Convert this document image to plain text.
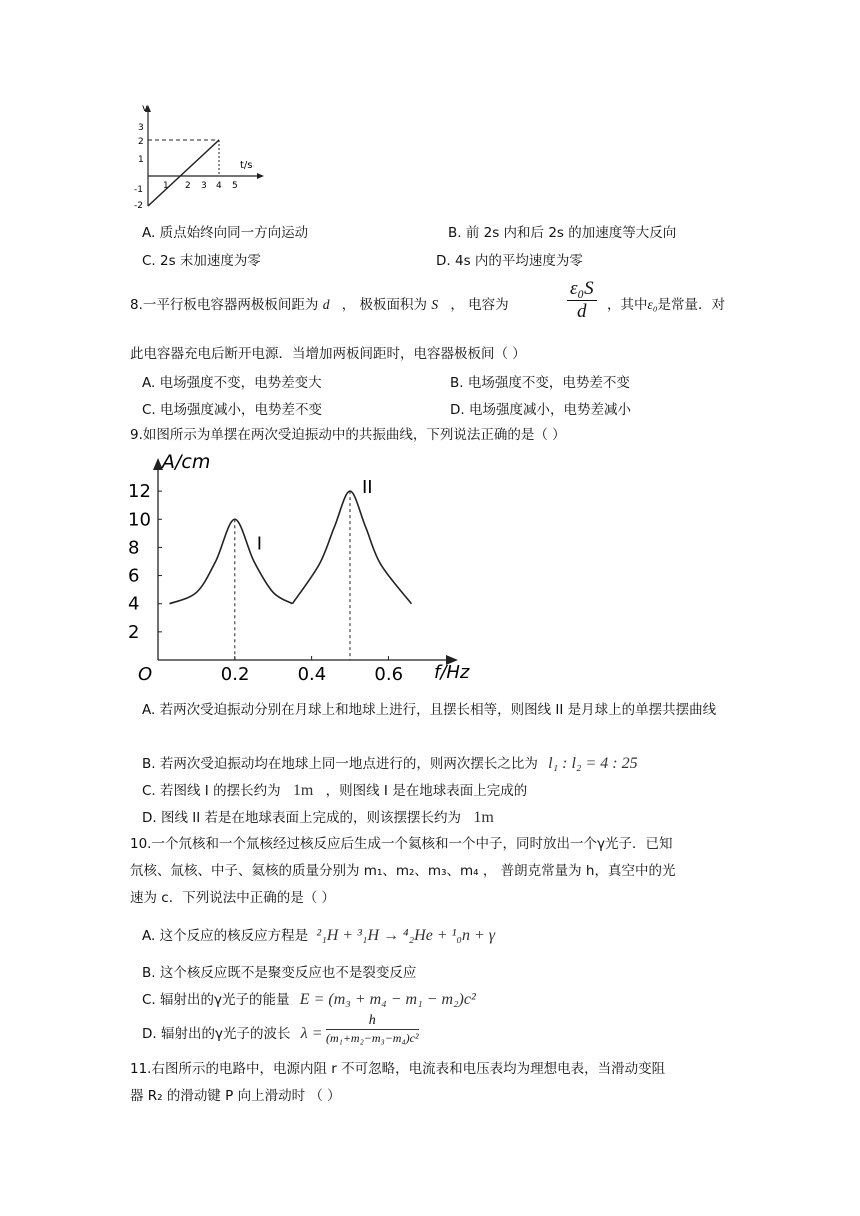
v
t/s
3
2
1
-1
-2
1 2 3 4 5
A. 质点始终向同一方向运动	B. 前 2s 内和后 2s 的加速度等大反向
C. 2s 末加速度为零	D. 4s 内的平均速度为零
8.一平行板电容器两极板间距为 d ， 极板面积为 S ， 电容为	$\frac{\text{ε₀S}}{d}$ ，其中ε₀是常量．对
此电容器充电后断开电源．当增加两板间距时，电容器极板间（ ）
A. 电场强度不变，电势差变大	B. 电场强度不变，电势差不变
C. 电场强度减小，电势差不变	D. 电场强度减小，电势差减小
9.如图所示为单摆在两次受迫振动中的共振曲线，下列说法正确的是（ ）
A/cm
f/Hz
O
2
4
6
8
10
12
0.2	0.4	0.6
I
II
A. 若两次受迫振动分别在月球上和地球上进行，且摆长相等，则图线 II 是月球上的单摆共摆曲线
B. 若两次受迫振动均在地球上同一地点进行的，则两次摆长之比为 l₁ : l₂ = 4 : 25
C. 若图线 I 的摆长约为 1m ，则图线 I 是在地球表面上完成的
D. 图线 II 若是在地球表面上完成的，则该摆摆长约为 1m
10.一个氘核和一个氚核经过核反应后生成一个氦核和一个中子，同时放出一个γ光子．已知
氘核、氚核、中子、氦核的质量分别为 m₁、m₂、m₃、m₄ ， 普朗克常量为 h，真空中的光
速为 c．下列说法中正确的是（ ）
A. 这个反应的核反应方程是 ²₁H + ³₁H → ⁴₂He + ¹₀n + γ
B. 这个核反应既不是聚变反应也不是裂变反应
C. 辐射出的γ光子的能量 E = (m₃ + m₄ − m₁ − m₂)c²
D. 辐射出的γ光子的波长 $\lambda = \frac{h}{\text{(m₁+m₂−m₃−m₄)c²}}$
11.右图所示的电路中，电源内阻 r 不可忽略，电流表和电压表均为理想电表，当滑动变阻
器 R₂ 的滑动键 P 向上滑动时 （ ）
